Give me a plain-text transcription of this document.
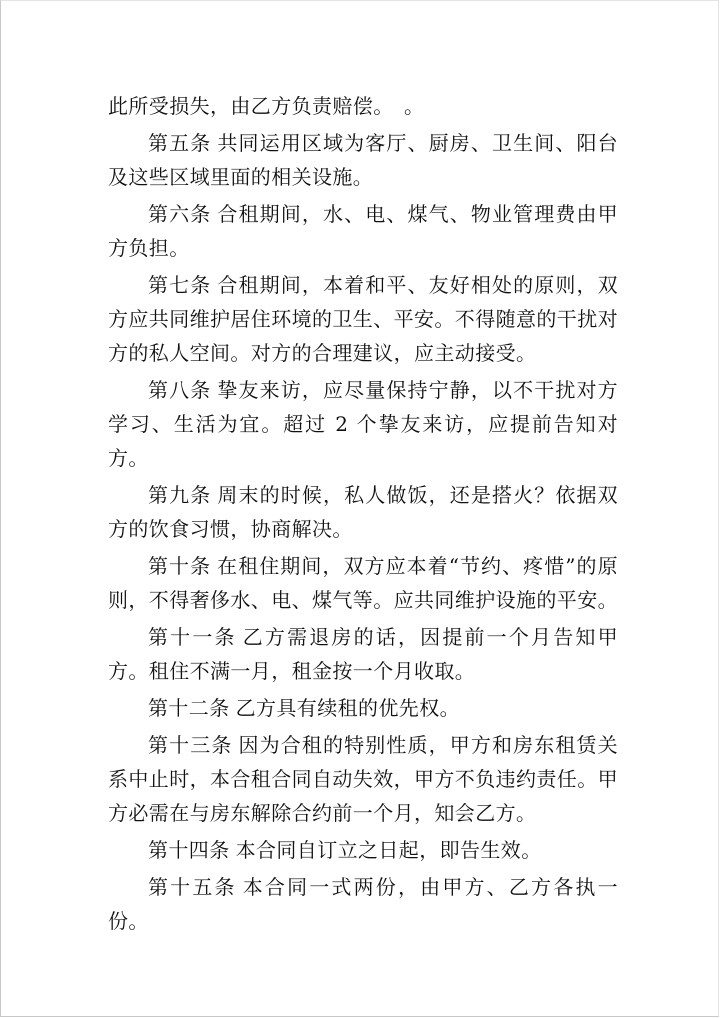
此所受损失，由乙方负责赔偿。　。

第五条 共同运用区域为客厅、厨房、卫生间、阳台及这些区域里面的相关设施。

第六条 合租期间，水、电、煤气、物业管理费由甲方负担。

第七条 合租期间，本着和平、友好相处的原则，双方应共同维护居住环境的卫生、平安。不得随意的干扰对方的私人空间。对方的合理建议，应主动接受。

第八条 挚友来访，应尽量保持宁静，以不干扰对方学习、生活为宜。超过 2 个挚友来访，应提前告知对方。

第九条 周末的时候，私人做饭，还是搭火？依据双方的饮食习惯，协商解决。

第十条 在租住期间，双方应本着“节约、疼惜”的原则，不得奢侈水、电、煤气等。应共同维护设施的平安。

第十一条 乙方需退房的话，因提前一个月告知甲方。租住不满一月，租金按一个月收取。

第十二条 乙方具有续租的优先权。

第十三条 因为合租的特别性质，甲方和房东租赁关系中止时，本合租合同自动失效，甲方不负违约责任。甲方必需在与房东解除合约前一个月，知会乙方。

第十四条 本合同自订立之日起，即告生效。

第十五条 本合同一式两份，由甲方、乙方各执一份。
